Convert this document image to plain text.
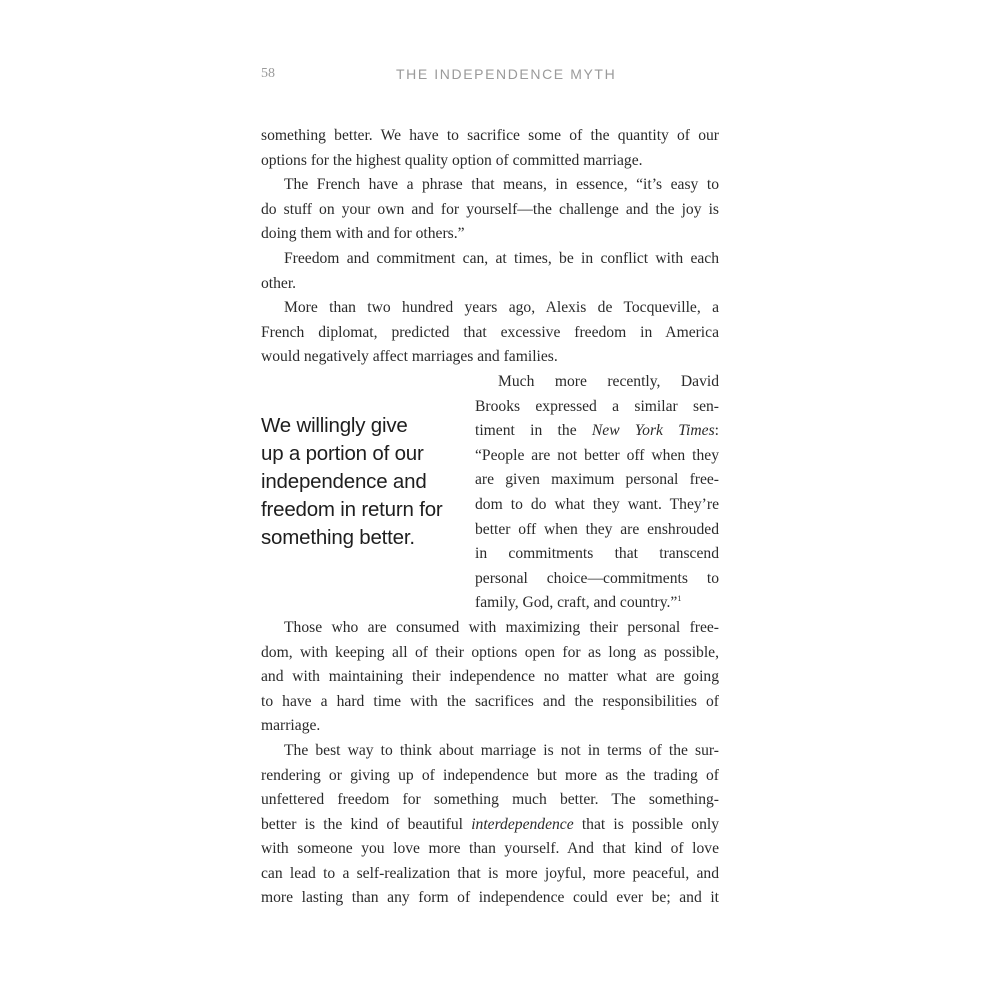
58	THE INDEPENDENCE MYTH
something better. We have to sacrifice some of the quantity of our
options for the highest quality option of committed marriage.
The French have a phrase that means, in essence, “it’s easy to
do stuff on your own and for yourself—the challenge and the joy is
doing them with and for others.”
Freedom and commitment can, at times, be in conflict with each
other.
More than two hundred years ago, Alexis de Tocqueville, a
French diplomat, predicted that excessive freedom in America
would negatively affect marriages and families.
We willingly give
up a portion of our
independence and
freedom in return for
something better.
Much more recently, David
Brooks expressed a similar sen-
timent in the New York Times:
“People are not better off when they
are given maximum personal free-
dom to do what they want. They’re
better off when they are enshrouded
in commitments that transcend
personal choice—commitments to
family, God, craft, and country.”$^1$
Those who are consumed with maximizing their personal free-
dom, with keeping all of their options open for as long as possible,
and with maintaining their independence no matter what are going
to have a hard time with the sacrifices and the responsibilities of
marriage.
The best way to think about marriage is not in terms of the sur-
rendering or giving up of independence but more as the trading of
unfettered freedom for something much better. The something-
better is the kind of beautiful interdependence that is possible only
with someone you love more than yourself. And that kind of love
can lead to a self-realization that is more joyful, more peaceful, and
more lasting than any form of independence could ever be; and it
